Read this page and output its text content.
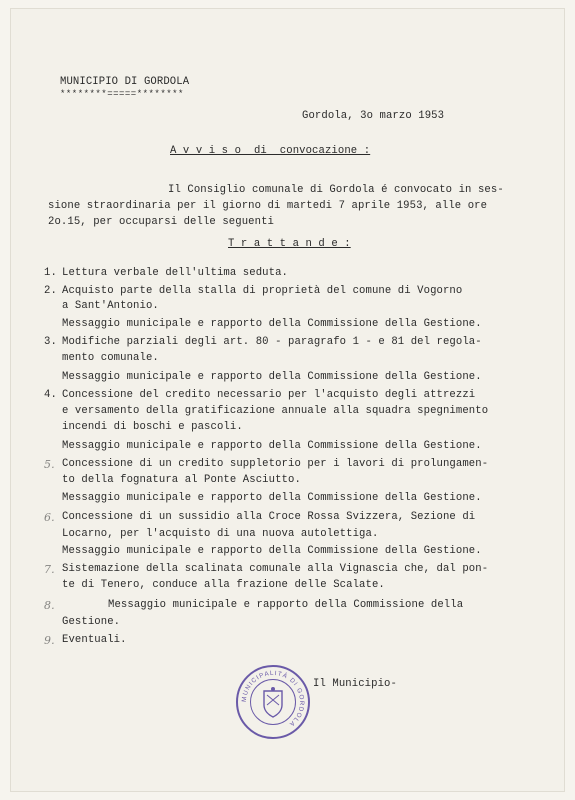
MUNICIPIO DI GORDOLA
********=====********
Gordola, 3o marzo 1953
A v v i s o  di  convocazione :
Il Consiglio comunale di Gordola é convocato in ses-
sione straordinaria per il giorno di martedi 7 aprile 1953, alle ore
2o.15, per occuparsi delle seguenti
T r a t t a n d e :
1. Lettura verbale dell'ultima seduta.
2. Acquisto parte della stalla di proprietà del comune di Vogorno
a Sant'Antonio.
Messaggio municipale e rapporto della Commissione della Gestione.
3. Modifiche parziali degli art. 80 - paragrafo 1 - e 81 del regola-
mento comunale.
Messaggio municipale e rapporto della Commissione della Gestione.
4. Concessione del credito necessario per l'acquisto degli attrezzi
e versamento della gratificazione annuale alla squadra spegnimento
incendi di boschi e pascoli.
Messaggio municipale e rapporto della Commissione della Gestione.
5. Concessione di un credito suppletorio per i lavori di prolungamen-
to della fognatura al Ponte Asciutto.
Messaggio municipale e rapporto della Commissione della Gestione.
6. Concessione di un sussidio alla Croce Rossa Svizzera, Sezione di
Locarno, per l'acquisto di una nuova autolettiga.
Messaggio municipale e rapporto della Commissione della Gestione.
7. Sistemazione della scalinata comunale alla Vignascia che, dal pon-
te di Tenero, conduce alla frazione delle Scalate.
8.	Messaggio municipale e rapporto della Commissione della
Gestione.
9. Eventuali.
MUNICIPALITÀ DI GORDOLA
Il Municipio-
